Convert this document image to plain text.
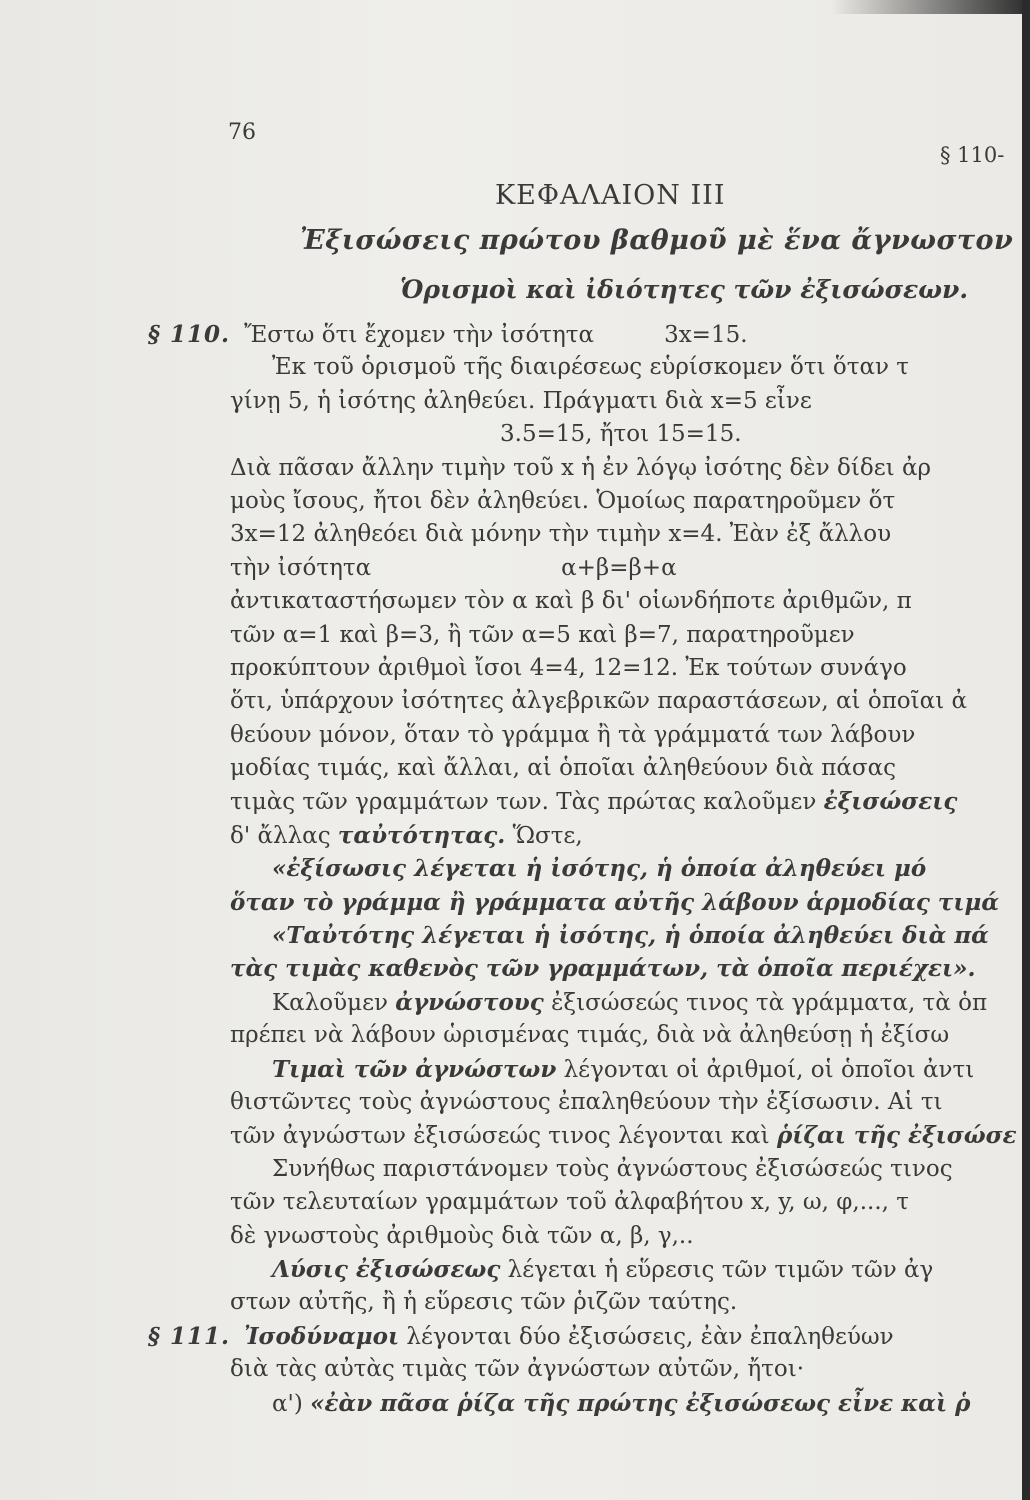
76
§ 110-
ΚΕΦΑΛΑΙΟΝ ΙΙΙ
Ἐξισώσεις πρώτου βαθμοῦ μὲ ἕνα ἄγνωστον
Ὁρισμοὶ καὶ ἰδιότητες τῶν ἐξισώσεων.
§ 110. Ἔστω ὅτι ἔχομεν τὴν ἰσότητα	3x=15.
Ἐκ τοῦ ὁρισμοῦ τῆς διαιρέσεως εὑρίσκομεν ὅτι ὅταν τ
γίνῃ 5, ἡ ἰσότης ἀληθεύει. Πράγματι διὰ x=5 εἶνε
3.5=15, ἤτοι 15=15.
Διὰ πᾶσαν ἄλλην τιμὴν τοῦ x ἡ ἐν λόγῳ ἰσότης δὲν δίδει ἀρ
μοὺς ἴσους, ἤτοι δὲν ἀληθεύει. Ὁμοίως παρατηροῦμεν ὅτ
3x=12 ἀληθεόει διὰ μόνην τὴν τιμὴν x=4. Ἐὰν ἐξ ἄλλου
τὴν ἰσότητα	α+β=β+α
ἀντικαταστήσωμεν τὸν α καὶ β δι' οἱωνδήποτε ἀριθμῶν, π
τῶν α=1 καὶ β=3, ἢ τῶν α=5 καὶ β=7, παρατηροῦμεν
προκύπτουν ἀριθμοὶ ἴσοι 4=4, 12=12. Ἐκ τούτων συνάγο
ὅτι, ὑπάρχουν ἰσότητες ἀλγεβρικῶν παραστάσεων, αἱ ὁποῖαι ἀ
θεύουν μόνον, ὅταν τὸ γράμμα ἢ τὰ γράμματά των λάβουν
μοδίας τιμάς, καὶ ἄλλαι, αἱ ὁποῖαι ἀληθεύουν διὰ πάσας
τιμὰς τῶν γραμμάτων των. Τὰς πρώτας καλοῦμεν ἐξισώσεις
δ' ἄλλας ταὐτότητας. Ὥστε,
«ἐξίσωσις λέγεται ἡ ἰσότης, ἡ ὁποία ἀληθεύει μό
ὅταν τὸ γράμμα ἢ γράμματα αὐτῆς λάβουν ἁρμοδίας τιμά
«Ταὐτότης λέγεται ἡ ἰσότης, ἡ ὁποία ἀληθεύει διὰ πά
τὰς τιμὰς καθενὸς τῶν γραμμάτων, τὰ ὁποῖα περιέχει».
Καλοῦμεν ἀγνώστους ἐξισώσεώς τινος τὰ γράμματα, τὰ ὁπ
πρέπει νὰ λάβουν ὡρισμένας τιμάς, διὰ νὰ ἀληθεύσῃ ἡ ἐξίσω
Τιμαὶ τῶν ἀγνώστων λέγονται οἱ ἀριθμοί, οἱ ὁποῖοι ἀντι
θιστῶντες τοὺς ἀγνώστους ἐπαληθεύουν τὴν ἐξίσωσιν. Αἱ τι
τῶν ἀγνώστων ἐξισώσεώς τινος λέγονται καὶ ῥίζαι τῆς ἐξισώσε
Συνήθως παριστάνομεν τοὺς ἀγνώστους ἐξισώσεώς τινος
τῶν τελευταίων γραμμάτων τοῦ ἀλφαβήτου x, y, ω, φ,..., τ
δὲ γνωστοὺς ἀριθμοὺς διὰ τῶν α, β, γ,..
Λύσις ἐξισώσεως λέγεται ἡ εὕρεσις τῶν τιμῶν τῶν ἀγ
στων αὐτῆς, ἢ ἡ εὕρεσις τῶν ῥιζῶν ταύτης.
§ 111. Ἰσοδύναμοι λέγονται δύο ἐξισώσεις, ἐὰν ἐπαληθεύων
διὰ τὰς αὐτὰς τιμὰς τῶν ἀγνώστων αὐτῶν, ἤτοι·
α') «ἐὰν πᾶσα ῥίζα τῆς πρώτης ἐξισώσεως εἶνε καὶ ῥ
